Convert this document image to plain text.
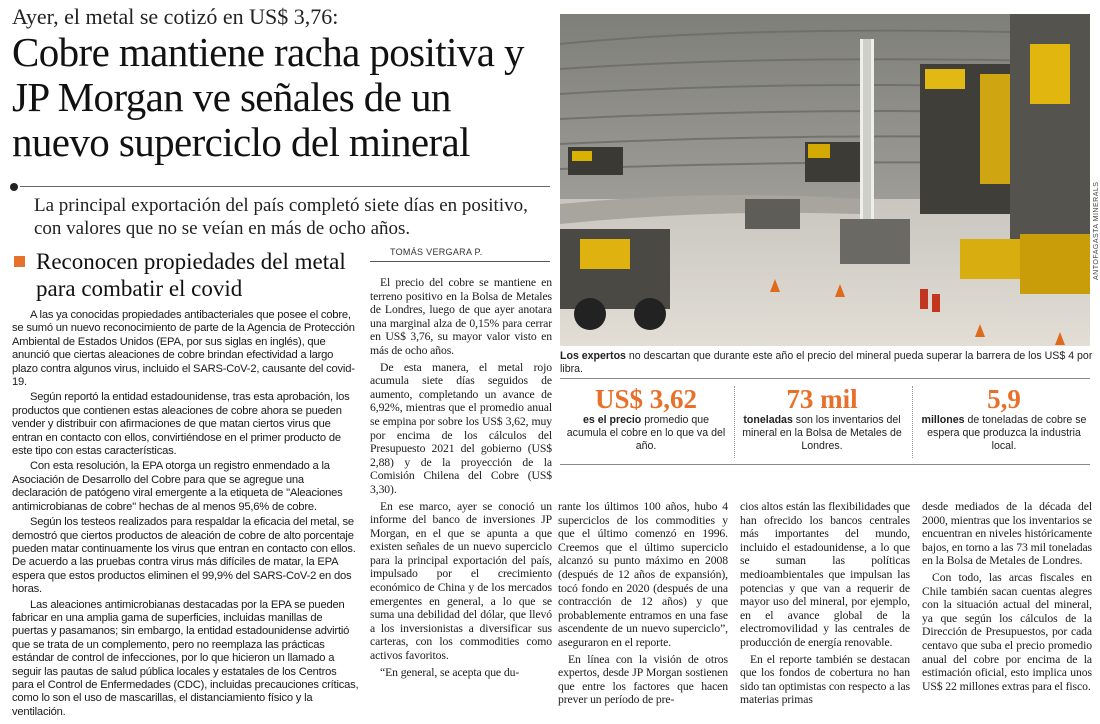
Ayer, el metal se cotizó en US$ 3,76:
Cobre mantiene racha positiva y JP Morgan ve señales de un nuevo superciclo del mineral
La principal exportación del país completó siete días en positivo, con valores que no se veían en más de ocho años.
Reconocen propiedades del metal para combatir el covid

A las ya conocidas propiedades antibacteriales que posee el cobre, se sumó un nuevo reconocimiento de parte de la Agencia de Protección Ambiental de Estados Unidos (EPA, por sus siglas en inglés), que anunció que ciertas aleaciones de cobre brindan efectividad a largo plazo contra algunos virus, incluido el SARS-CoV-2, causante del covid-19.

Según reportó la entidad estadounidense, tras esta aprobación, los productos que contienen estas aleaciones de cobre ahora se pueden vender y distribuir con afirmaciones de que matan ciertos virus que entran en contacto con ellos, convirtiéndose en el primer producto de este tipo con estas características.

Con esta resolución, la EPA otorga un registro enmendado a la Asociación de Desarrollo del Cobre para que se agregue una declaración de patógeno viral emergente a la etiqueta de "Aleaciones antimicrobianas de cobre" hechas de al menos 95,6% de cobre.

Según los testeos realizados para respaldar la eficacia del metal, se demostró que ciertos productos de aleación de cobre de alto porcentaje pueden matar continuamente los virus que entran en contacto con ellos. De acuerdo a las pruebas contra virus más difíciles de matar, la EPA espera que estos productos eliminen el 99,9% del SARS-CoV-2 en dos horas.

Las aleaciones antimicrobianas destacadas por la EPA se pueden fabricar en una amplia gama de superficies, incluidas manillas de puertas y pasamanos; sin embargo, la entidad estadounidense advirtió que se trata de un complemento, pero no reemplaza las prácticas estándar de control de infecciones, por lo que hicieron un llamado a seguir las pautas de salud pública locales y estatales de los Centros para el Control de Enfermedades (CDC), incluidas precauciones críticas, como lo son el uso de mascarillas, el distanciamiento físico y la ventilación.

TOMÁS VERGARA P.

El precio del cobre se mantiene en terreno positivo en la Bolsa de Metales de Londres, luego de que ayer anotara una marginal alza de 0,15% para cerrar en US$ 3,76, su mayor valor visto en más de ocho años.

De esta manera, el metal rojo acumula siete días seguidos de aumento, completando un avance de 6,92%, mientras que el promedio anual se empina por sobre los US$ 3,62, muy por encima de los cálculos del Presupuesto 2021 del gobierno (US$ 2,88) y de la proyección de la Comisión Chilena del Cobre (US$ 3,30).

En ese marco, ayer se conoció un informe del banco de inversiones JP Morgan, en el que se apunta a que existen señales de un nuevo superciclo para la principal exportación del país, impulsado por el crecimiento económico de China y de los mercados emergentes en general, a lo que se suma una debilidad del dólar, que llevó a los inversionistas a diversificar sus carteras, con los commodities como activos favoritos.

“En general, se acepta que du-

rante los últimos 100 años, hubo 4 superciclos de los commodities y que el último comenzó en 1996. Creemos que el último superciclo alcanzó su punto máximo en 2008 (después de 12 años de expansión), tocó fondo en 2020 (después de una contracción de 12 años) y que probablemente entramos en una fase ascendente de un nuevo superciclo”, aseguraron en el reporte.

En línea con la visión de otros expertos, desde JP Morgan sostienen que entre los factores que hacen prever un período de pre-

cios altos están las flexibilidades que han ofrecido los bancos centrales más importantes del mundo, incluido el estadounidense, a lo que se suman las políticas medioambientales que impulsan las potencias y que van a requerir de mayor uso del mineral, por ejemplo, en el avance global de la electromovilidad y las centrales de producción de energía renovable.

En el reporte también se destacan que los fondos de cobertura no han sido tan optimistas con respecto a las materias primas

desde mediados de la década del 2000, mientras que los inventarios se encuentran en niveles históricamente bajos, en torno a las 73 mil toneladas en la Bolsa de Metales de Londres.

Con todo, las arcas fiscales en Chile también sacan cuentas alegres con la situación actual del mineral, ya que según los cálculos de la Dirección de Presupuestos, por cada centavo que suba el precio promedio anual del cobre por encima de la estimación oficial, esto implica unos US$ 22 millones extras para el fisco.

ANTOFAGASTA MINERALS
Los expertos no descartan que durante este año el precio del mineral pueda superar la barrera de los US$ 4 por libra.
US$ 3,62
es el precio promedio que acumula el cobre en lo que va del año.
73 mil
toneladas son los inventarios del mineral en la Bolsa de Metales de Londres.
5,9
millones de toneladas de cobre se espera que produzca la industria local.
